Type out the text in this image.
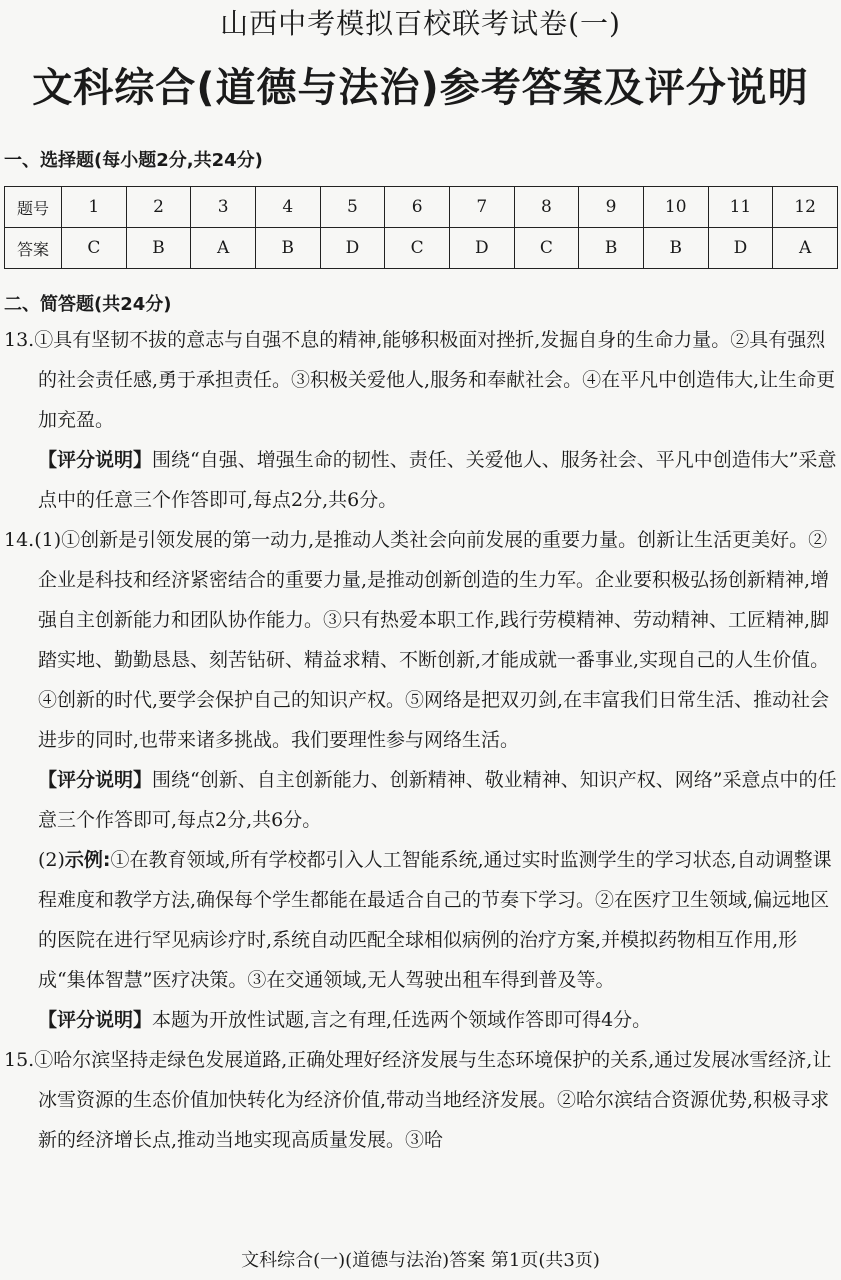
山西中考模拟百校联考试卷(一)
文科综合(道德与法治)参考答案及评分说明
一、选择题(每小题2分,共24分)
题号	1	2	3	4	5	6	7	8	9	10	11	12
答案	C	B	A	B	D	C	D	C	B	B	D	A
二、简答题(共24分)

13.①具有坚韧不拔的意志与自强不息的精神,能够积极面对挫折,发掘自身的生命力量。②具有强烈的社会责任感,勇于承担责任。③积极关爱他人,服务和奉献社会。④在平凡中创造伟大,让生命更加充盈。

【评分说明】围绕“自强、增强生命的韧性、责任、关爱他人、服务社会、平凡中创造伟大”采意点中的任意三个作答即可,每点2分,共6分。

14.(1)①创新是引领发展的第一动力,是推动人类社会向前发展的重要力量。创新让生活更美好。②企业是科技和经济紧密结合的重要力量,是推动创新创造的生力军。企业要积极弘扬创新精神,增强自主创新能力和团队协作能力。③只有热爱本职工作,践行劳模精神、劳动精神、工匠精神,脚踏实地、勤勤恳恳、刻苦钻研、精益求精、不断创新,才能成就一番事业,实现自己的人生价值。④创新的时代,要学会保护自己的知识产权。⑤网络是把双刃剑,在丰富我们日常生活、推动社会进步的同时,也带来诸多挑战。我们要理性参与网络生活。

【评分说明】围绕“创新、自主创新能力、创新精神、敬业精神、知识产权、网络”采意点中的任意三个作答即可,每点2分,共6分。

(2)示例:①在教育领域,所有学校都引入人工智能系统,通过实时监测学生的学习状态,自动调整课程难度和教学方法,确保每个学生都能在最适合自己的节奏下学习。②在医疗卫生领域,偏远地区的医院在进行罕见病诊疗时,系统自动匹配全球相似病例的治疗方案,并模拟药物相互作用,形成“集体智慧”医疗决策。③在交通领域,无人驾驶出租车得到普及等。

【评分说明】本题为开放性试题,言之有理,任选两个领域作答即可得4分。

15.①哈尔滨坚持走绿色发展道路,正确处理好经济发展与生态环境保护的关系,通过发展冰雪经济,让冰雪资源的生态价值加快转化为经济价值,带动当地经济发展。②哈尔滨结合资源优势,积极寻求新的经济增长点,推动当地实现高质量发展。③哈

文科综合(一)(道德与法治)答案 第1页(共3页)
